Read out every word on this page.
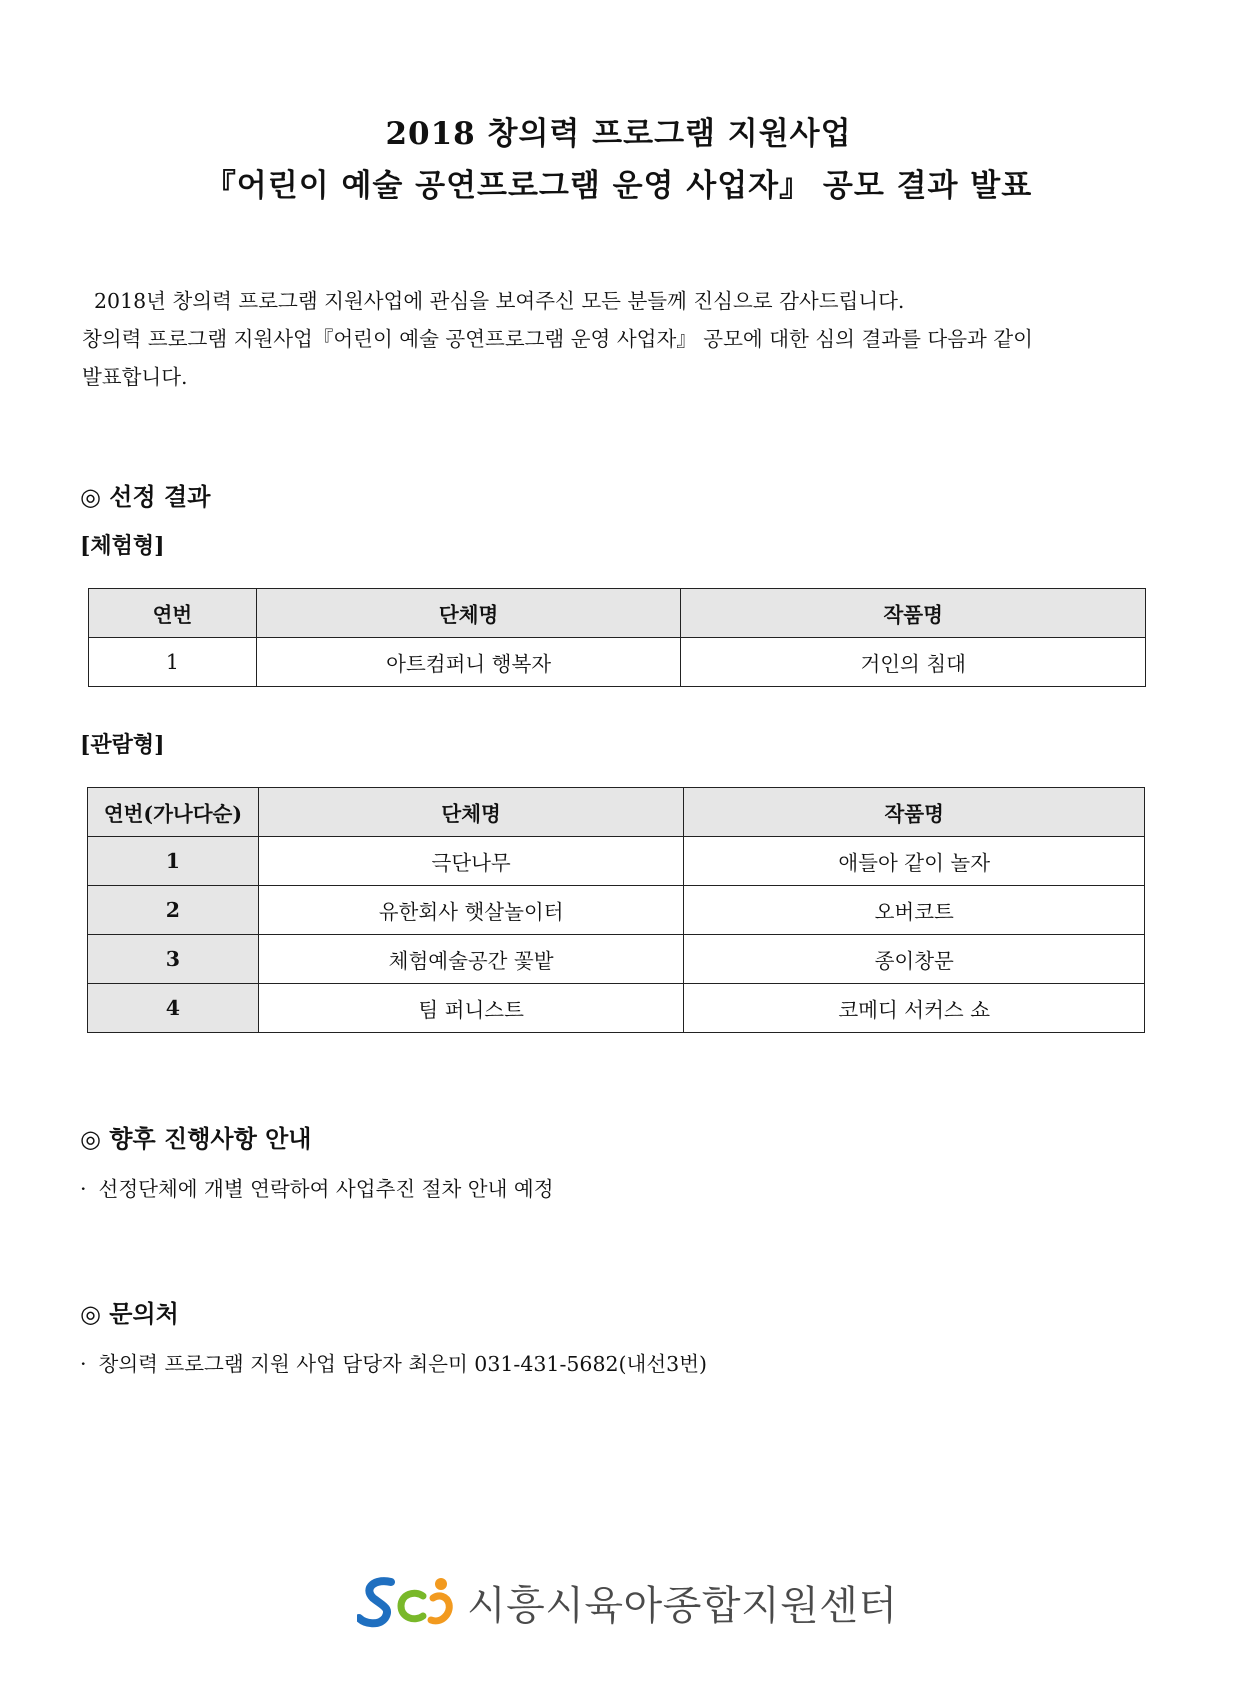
2018 창의력 프로그램 지원사업
『어린이 예술 공연프로그램 운영 사업자』 공모 결과 발표
2018년 창의력 프로그램 지원사업에 관심을 보여주신 모든 분들께 진심으로 감사드립니다.
창의력 프로그램 지원사업『어린이 예술 공연프로그램 운영 사업자』 공모에 대한 심의 결과를 다음과 같이
발표합니다.
◎ 선정 결과
[체험형]
연번	단체명	작품명
1	아트컴퍼니 행복자	거인의 침대
[관람형]
연번(가나다순)	단체명	작품명
1	극단나무	애들아 같이 놀자
2	유한회사 햇살놀이터	오버코트
3	체험예술공간 꽃밭	종이창문
4	팀 퍼니스트	코메디 서커스 쇼
◎ 향후 진행사항 안내
· 선정단체에 개별 연락하여 사업추진 절차 안내 예정
◎ 문의처
· 창의력 프로그램 지원 사업 담당자 최은미 031-431-5682(내선3번)
시흥시육아종합지원센터
